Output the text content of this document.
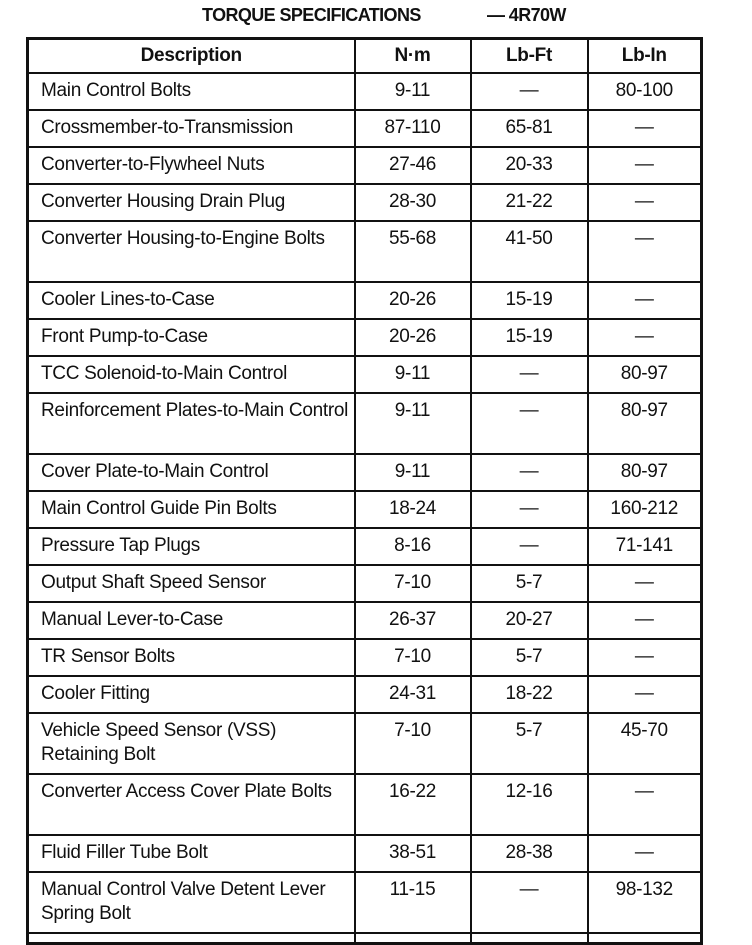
TORQUE SPECIFICATIONS	— 4R70W
Description	N·m	Lb-Ft	Lb-In
Main Control Bolts	9-11	—	80-100
Crossmember-to-Transmission	87-110	65-81	—
Converter-to-Flywheel Nuts	27-46	20-33	—
Converter Housing Drain Plug	28-30	21-22	—
Converter Housing-to-Engine Bolts	55-68	41-50	—
Cooler Lines-to-Case	20-26	15-19	—
Front Pump-to-Case	20-26	15-19	—
TCC Solenoid-to-Main Control	9-11	—	80-97
Reinforcement Plates-to-Main Control	9-11	—	80-97
Cover Plate-to-Main Control	9-11	—	80-97
Main Control Guide Pin Bolts	18-24	—	160-212
Pressure Tap Plugs	8-16	—	71-141
Output Shaft Speed Sensor	7-10	5-7	—
Manual Lever-to-Case	26-37	20-27	—
TR Sensor Bolts	7-10	5-7	—
Cooler Fitting	24-31	18-22	—
Vehicle Speed Sensor (VSS) Retaining Bolt	7-10	5-7	45-70
Converter Access Cover Plate Bolts	16-22	12-16	—
Fluid Filler Tube Bolt	38-51	28-38	—
Manual Control Valve Detent Lever Spring Bolt	11-15	—	98-132
